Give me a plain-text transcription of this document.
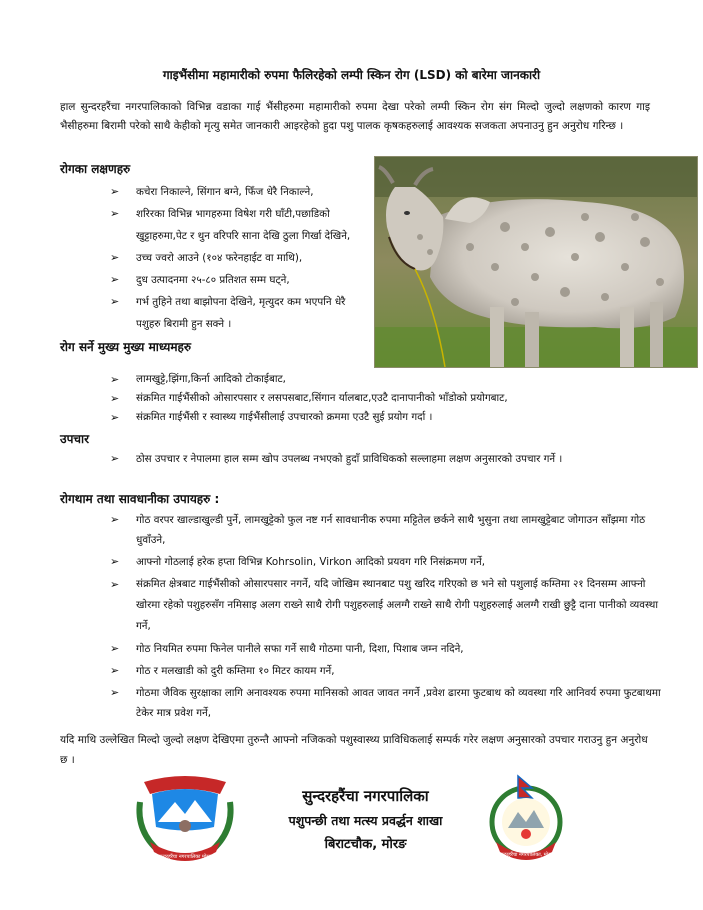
गाइभैंसीमा महामारीको रुपमा फैलिरहेको लम्पी स्किन रोग (LSD) को बारेमा जानकारी
हाल सुन्दरहरैंचा नगरपालिकाको विभिन्न वडाका गाई भैंसीहरुमा महामारीको रुपमा देखा परेको लम्पी स्किन रोग संग मिल्दो जुल्दो लक्षणको कारण गाइ भैसीहरुमा बिरामी परेको साथै केहीको मृत्यु समेत जानकारी आइरहेको हुदा पशु पालक कृषकहरुलाई आवश्यक सजकता अपनाउनु हुन अनुरोध गरिन्छ ।
रोगका लक्षणहरु
➢ कचेरा निकाल्ने, सिंगान बग्ने, फिँज धेरै निकाल्ने,
➢ शरिरका विभिन्न भागहरुमा विषेश गरी घाँटी,पछाडिको खुट्टाहरुमा,पेट र थुन वरिपरि साना देखि ठुला गिर्खा देखिने,
➢ उच्च ज्वरो आउने (१०४ फरेनहाईट वा माथि),
➢ दुध उत्पादनमा २५-८० प्रतिशत सम्म घट्ने,
➢ गर्भ तुहिने तथा बाझोपना देखिने, मृत्युदर कम भएपनि धेरै पशुहरु बिरामी हुन सक्ने ।
रोग सर्ने मुख्य मुख्य माध्यमहरु
➢ लामखुट्टे,झिंगा,किर्ना आदिको टोकाईबाट,
➢ संक्रमित गाईभैंसीको ओसारपसार र लसपसबाट,सिंगान र्यालबाट,एउटै दानापानीको भाँडोको प्रयोगबाट,
➢ संक्रमित गाईभैंसी र स्वास्थ्य गाईभैंसीलाई उपचारको क्रममा एउटै सुई प्रयोग गर्दा ।
उपचार
➢ ठोस उपचार र नेपालमा हाल सम्म खोप उपलब्ध नभएको हुदाँ प्राविधिकको सल्लाहमा लक्षण अनुसारको उपचार गर्ने ।
रोगथाम तथा सावधानीका उपायहरु :
➢ गोठ वरपर खाल्डाखुल्डी पुर्ने, लामखुट्टेको फुल नष्ट गर्न सावधानीक रुपमा मट्टितेल छर्कने साथै भुसुना तथा लामखुट्टेबाट जोगाउन साँझमा गोठ धुवाँउने,
➢ आफ्नो गोठलाई हरेक हप्ता विभिन्न Kohrsolin, Virkon आदिको प्रयवग गरि निसंक्रमण गर्ने,
➢ संक्रमित क्षेत्रबाट गाईभैंसीको ओसारपसार नगर्ने, यदि जोखिम स्थानबाट पशु खरिद गरिएको छ भने सो पशुलाई कम्तिमा २१ दिनसम्म आफ्नो खोरमा रहेको पशुहरुसँग नमिसाइ अलग राख्ने साथै रोगी पशुहरुलाई अलग्गै राख्ने साथै रोगी पशुहरुलाई अलग्गै राखी छुट्टै दाना पानीको व्यवस्था गर्ने,
➢ गोठ नियमित रुपमा फिनेल पानीले सफा गर्ने साथै गोठमा पानी, दिशा, पिशाब जम्न नदिने,
➢ गोठ र मलखाडी को दुरी कम्तिमा १० मिटर कायम गर्ने,
➢ गोठमा जैविक सुरक्षाका लागि अनावश्यक रुपमा मानिसको आवत जावत नगर्ने ,प्रवेश ढारमा फुटबाथ को व्यवस्था गरि आनिवर्य रुपमा फुटबाथमा टेकेर मात्र प्रवेश गर्ने,
यदि माथि उल्लेखित मिल्दो जुल्दो लक्षण देखिएमा तुरुन्तै आफ्नो नजिकको पशुस्वास्थ्य प्राविधिकलाई सम्पर्क गरेर लक्षण अनुसारको उपचार गराउनु हुन अनुरोध छ ।
सुन्दरहरैंचा नगरपालिका मोरङ
सुन्दरहरैंचा नगरपालिका
पशुपन्छी तथा मत्स्य प्रवर्द्धन शाखा
बिराटचौक, मोरङ
सुन्दरहरैंचा नगरपालिका, मोरङ
